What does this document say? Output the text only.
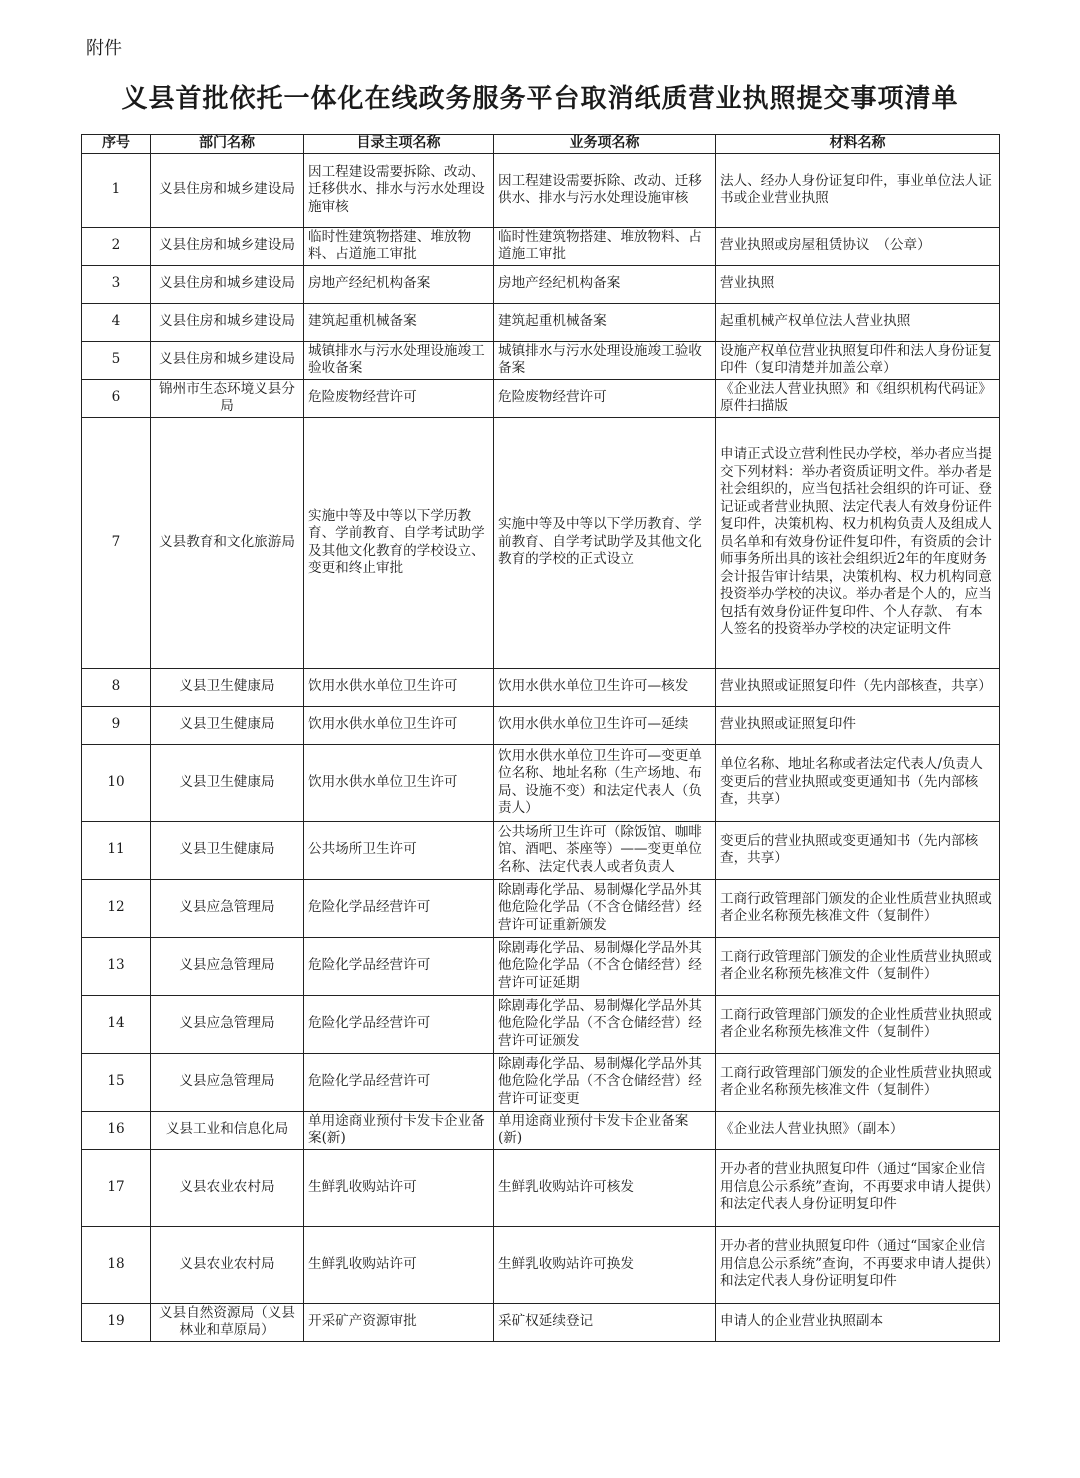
附件
义县首批依托一体化在线政务服务平台取消纸质营业执照提交事项清单
序号	部门名称	目录主项名称	业务项名称	材料名称
1	义县住房和城乡建设局	因工程建设需要拆除、改动、迁移供水、排水与污水处理设施审核	因工程建设需要拆除、改动、迁移供水、排水与污水处理设施审核	法人、经办人身份证复印件，事业单位法人证书或企业营业执照
2	义县住房和城乡建设局	临时性建筑物搭建、堆放物料、占道施工审批	临时性建筑物搭建、堆放物料、占道施工审批	营业执照或房屋租赁协议　（公章）
3	义县住房和城乡建设局	房地产经纪机构备案	房地产经纪机构备案	营业执照
4	义县住房和城乡建设局	建筑起重机械备案	建筑起重机械备案	起重机械产权单位法人营业执照
5	义县住房和城乡建设局	城镇排水与污水处理设施竣工验收备案	城镇排水与污水处理设施竣工验收备案	设施产权单位营业执照复印件和法人身份证复印件（复印清楚并加盖公章）
6	锦州市生态环境义县分局	危险废物经营许可	危险废物经营许可	《企业法人营业执照》和《组织机构代码证》原件扫描版
7	义县教育和文化旅游局	实施中等及中等以下学历教育、学前教育、自学考试助学及其他文化教育的学校设立、变更和终止审批	实施中等及中等以下学历教育、学前教育、自学考试助学及其他文化教育的学校的正式设立	申请正式设立营利性民办学校，举办者应当提交下列材料：举办者资质证明文件。举办者是社会组织的，应当包括社会组织的许可证、登记证或者营业执照、法定代表人有效身份证件复印件，决策机构、权力机构负责人及组成人员名单和有效身份证件复印件，有资质的会计师事务所出具的该社会组织近2年的年度财务会计报告审计结果，决策机构、权力机构同意投资举办学校的决议。举办者是个人的，应当包括有效身份证件复印件、个人存款、 有本人签名的投资举办学校的决定证明文件
8	义县卫生健康局	饮用水供水单位卫生许可	饮用水供水单位卫生许可—核发	营业执照或证照复印件（先内部核查，共享）
9	义县卫生健康局	饮用水供水单位卫生许可	饮用水供水单位卫生许可—延续	营业执照或证照复印件
10	义县卫生健康局	饮用水供水单位卫生许可	饮用水供水单位卫生许可—变更单位名称、地址名称（生产场地、布局、设施不变）和法定代表人（负责人）	单位名称、地址名称或者法定代表人/负责人变更后的营业执照或变更通知书（先内部核查，共享）
11	义县卫生健康局	公共场所卫生许可	公共场所卫生许可（除饭馆、咖啡馆、酒吧、茶座等）——变更单位名称、法定代表人或者负责人	变更后的营业执照或变更通知书（先内部核查，共享）
12	义县应急管理局	危险化学品经营许可	除剧毒化学品、易制爆化学品外其他危险化学品（不含仓储经营）经营许可证重新颁发	工商行政管理部门颁发的企业性质营业执照或者企业名称预先核准文件（复制件）
13	义县应急管理局	危险化学品经营许可	除剧毒化学品、易制爆化学品外其他危险化学品（不含仓储经营）经营许可证延期	工商行政管理部门颁发的企业性质营业执照或者企业名称预先核准文件（复制件）
14	义县应急管理局	危险化学品经营许可	除剧毒化学品、易制爆化学品外其他危险化学品（不含仓储经营）经营许可证颁发	工商行政管理部门颁发的企业性质营业执照或者企业名称预先核准文件（复制件）
15	义县应急管理局	危险化学品经营许可	除剧毒化学品、易制爆化学品外其他危险化学品（不含仓储经营）经营许可证变更	工商行政管理部门颁发的企业性质营业执照或者企业名称预先核准文件（复制件）
16	义县工业和信息化局	单用途商业预付卡发卡企业备案(新)	单用途商业预付卡发卡企业备案(新)	《企业法人营业执照》（副本）
17	义县农业农村局	生鲜乳收购站许可	生鲜乳收购站许可核发	开办者的营业执照复印件（通过“国家企业信用信息公示系统”查询，不再要求申请人提供）和法定代表人身份证明复印件
18	义县农业农村局	生鲜乳收购站许可	生鲜乳收购站许可换发	开办者的营业执照复印件（通过“国家企业信用信息公示系统”查询，不再要求申请人提供）和法定代表人身份证明复印件
19	义县自然资源局（义县林业和草原局）	开采矿产资源审批	采矿权延续登记	申请人的企业营业执照副本
